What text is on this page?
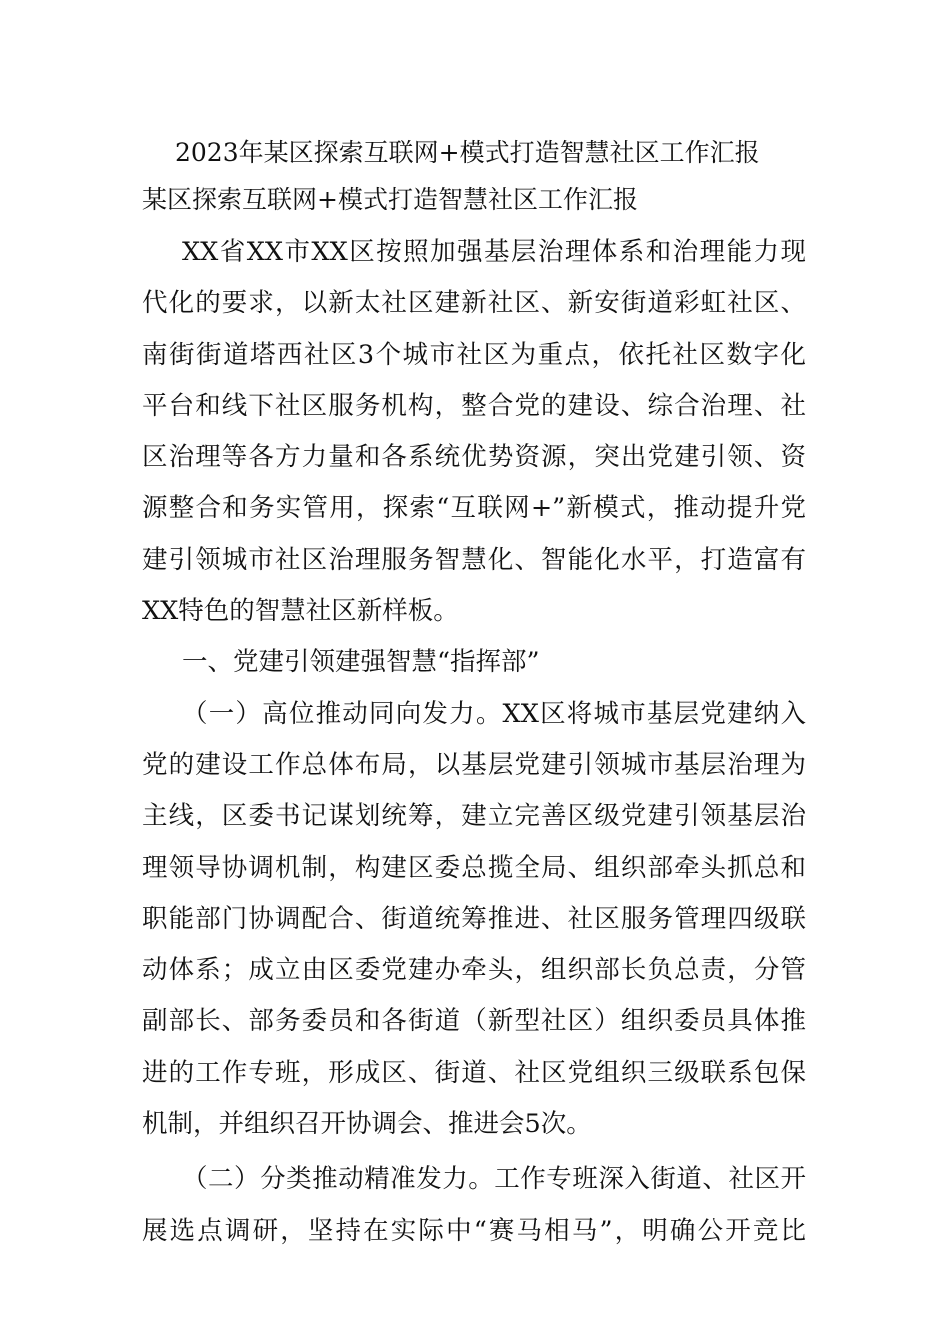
2023年某区探索互联网+模式打造智慧社区工作汇报
某区探索互联网+模式打造智慧社区工作汇报
XX省XX市XX区按照加强基层治理体系和治理能力现
代化的要求，以新太社区建新社区、新安街道彩虹社区、
南街街道塔西社区3个城市社区为重点，依托社区数字化
平台和线下社区服务机构，整合党的建设、综合治理、社
区治理等各方力量和各系统优势资源，突出党建引领、资
源整合和务实管用，探索“互联网+”新模式，推动提升党
建引领城市社区治理服务智慧化、智能化水平，打造富有
XX特色的智慧社区新样板。
一、党建引领建强智慧“指挥部”
（一）高位推动同向发力。XX区将城市基层党建纳入
党的建设工作总体布局，以基层党建引领城市基层治理为
主线，区委书记谋划统筹，建立完善区级党建引领基层治
理领导协调机制，构建区委总揽全局、组织部牵头抓总和
职能部门协调配合、街道统筹推进、社区服务管理四级联
动体系；成立由区委党建办牵头，组织部长负总责，分管
副部长、部务委员和各街道（新型社区）组织委员具体推
进的工作专班，形成区、街道、社区党组织三级联系包保
机制，并组织召开协调会、推进会5次。
（二）分类推动精准发力。工作专班深入街道、社区开
展选点调研，坚持在实际中“赛马相马”，明确公开竞比
